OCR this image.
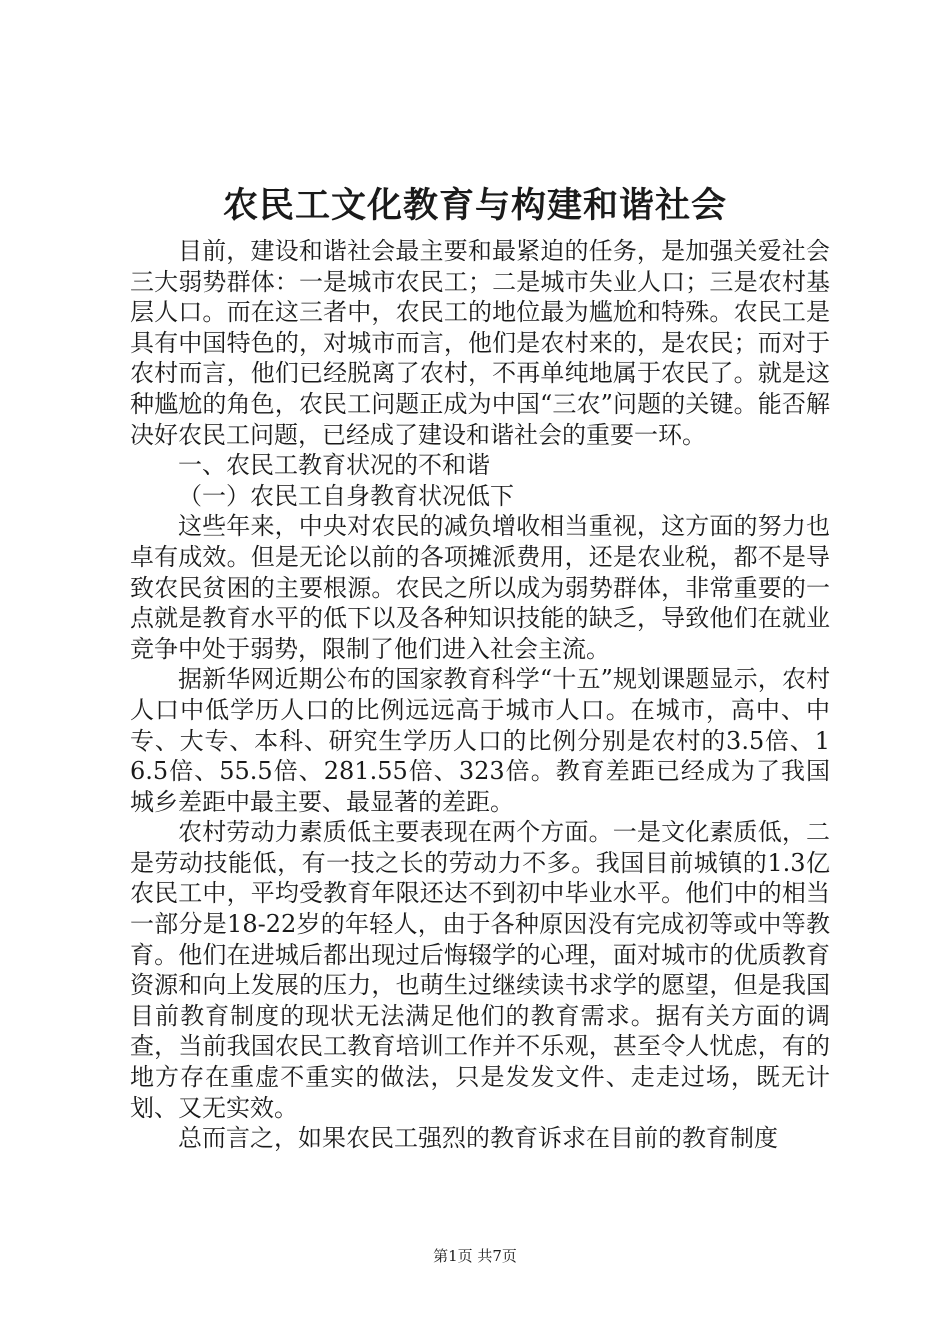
农民工文化教育与构建和谐社会

目前，建设和谐社会最主要和最紧迫的任务，是加强关爱社会三大弱势群体：一是城市农民工；二是城市失业人口；三是农村基层人口。而在这三者中，农民工的地位最为尴尬和特殊。农民工是具有中国特色的，对城市而言，他们是农村来的，是农民；而对于农村而言，他们已经脱离了农村，不再单纯地属于农民了。就是这种尴尬的角色，农民工问题正成为中国“三农”问题的关键。能否解决好农民工问题，已经成了建设和谐社会的重要一环。

一、农民工教育状况的不和谐

（一）农民工自身教育状况低下

这些年来，中央对农民的减负增收相当重视，这方面的努力也卓有成效。但是无论以前的各项摊派费用，还是农业税，都不是导致农民贫困的主要根源。农民之所以成为弱势群体，非常重要的一点就是教育水平的低下以及各种知识技能的缺乏，导致他们在就业竞争中处于弱势，限制了他们进入社会主流。

据新华网近期公布的国家教育科学“十五”规划课题显示，农村人口中低学历人口的比例远远高于城市人口。在城市，高中、中专、大专、本科、研究生学历人口的比例分别是农村的3.5倍、16.5倍、55.5倍、281.55倍、323倍。教育差距已经成为了我国城乡差距中最主要、最显著的差距。

农村劳动力素质低主要表现在两个方面。一是文化素质低，二是劳动技能低，有一技之长的劳动力不多。我国目前城镇的1.3亿农民工中，平均受教育年限还达不到初中毕业水平。他们中的相当一部分是18-22岁的年轻人，由于各种原因没有完成初等或中等教育。他们在进城后都出现过后悔辍学的心理，面对城市的优质教育资源和向上发展的压力，也萌生过继续读书求学的愿望，但是我国目前教育制度的现状无法满足他们的教育需求。据有关方面的调查，当前我国农民工教育培训工作并不乐观，甚至令人忧虑，有的地方存在重虚不重实的做法，只是发发文件、走走过场，既无计划、又无实效。

总而言之，如果农民工强烈的教育诉求在目前的教育制度

第1页 共7页
